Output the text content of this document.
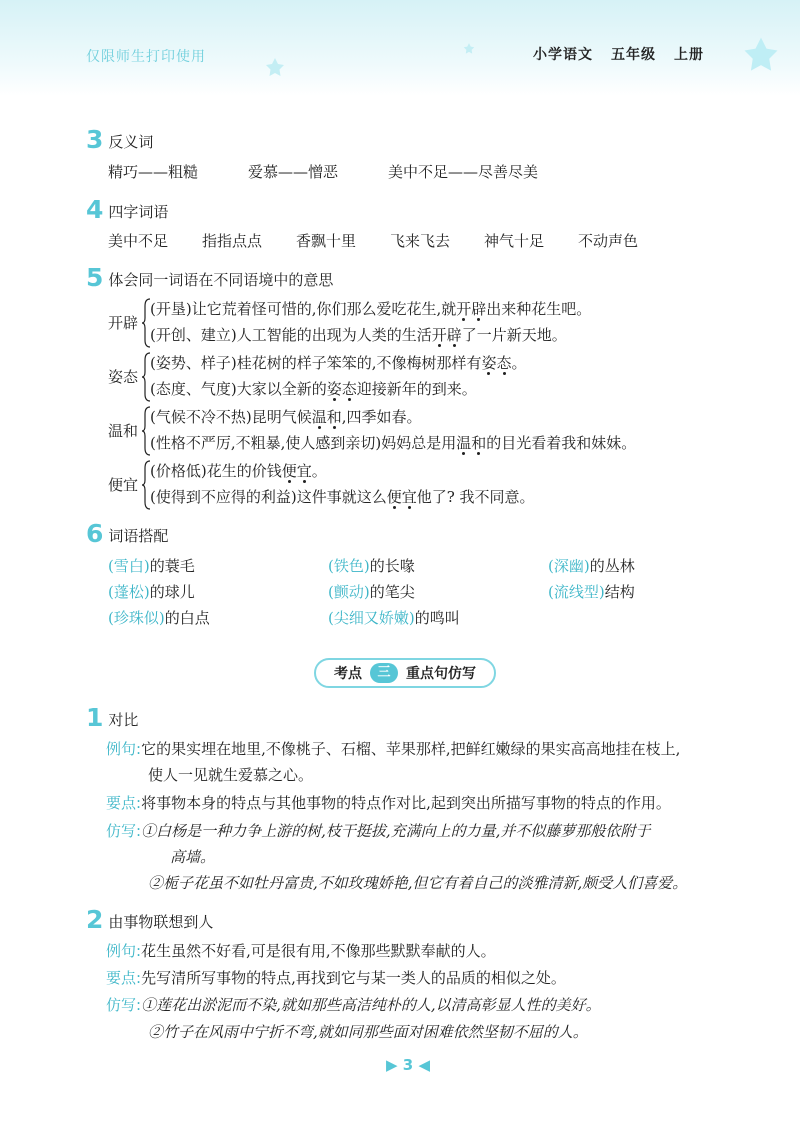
仅限师生打印使用	小学语文 五年级 上册
3 反义词
精巧——粗糙	爱慕——憎恶	美中不足——尽善尽美
4 四字词语
美中不足 指指点点 香飘十里 飞来飞去 神气十足 不动声色
5 体会同一词语在不同语境中的意思
开辟
(开垦)让它荒着怪可惜的,你们那么爱吃花生,就开辟出来种花生吧。
(开创、建立)人工智能的出现为人类的生活开辟了一片新天地。
姿态
(姿势、样子)桂花树的样子笨笨的,不像梅树那样有姿态。
(态度、气度)大家以全新的姿态迎接新年的到来。
温和
(气候不冷不热)昆明气候温和,四季如春。
(性格不严厉,不粗暴,使人感到亲切)妈妈总是用温和的目光看着我和妹妹。
便宜
(价格低)花生的价钱便宜。
(使得到不应得的利益)这件事就这么便宜他了? 我不同意。
6 词语搭配
(雪白)的蓑毛	(铁色)的长喙	(深幽)的丛林
(蓬松)的球儿	(颤动)的笔尖	(流线型)结构
(珍珠似)的白点	(尖细又娇嫩)的鸣叫
考点	三	重点句仿写
1 对比
例句:它的果实埋在地里,不像桃子、石榴、苹果那样,把鲜红嫩绿的果实高高地挂在枝上,
使人一见就生爱慕之心。
要点:将事物本身的特点与其他事物的特点作对比,起到突出所描写事物的特点的作用。
仿写:①白杨是一种力争上游的树,枝干挺拔,充满向上的力量,并不似藤萝那般依附于
高墙。
②栀子花虽不如牡丹富贵,不如玫瑰娇艳,但它有着自己的淡雅清新,颇受人们喜爱。
2 由事物联想到人
例句:花生虽然不好看,可是很有用,不像那些默默奉献的人。
要点:先写清所写事物的特点,再找到它与某一类人的品质的相似之处。
仿写:①莲花出淤泥而不染,就如那些高洁纯朴的人,以清高彰显人性的美好。
②竹子在风雨中宁折不弯,就如同那些面对困难依然坚韧不屈的人。
▶ 3 ◀
